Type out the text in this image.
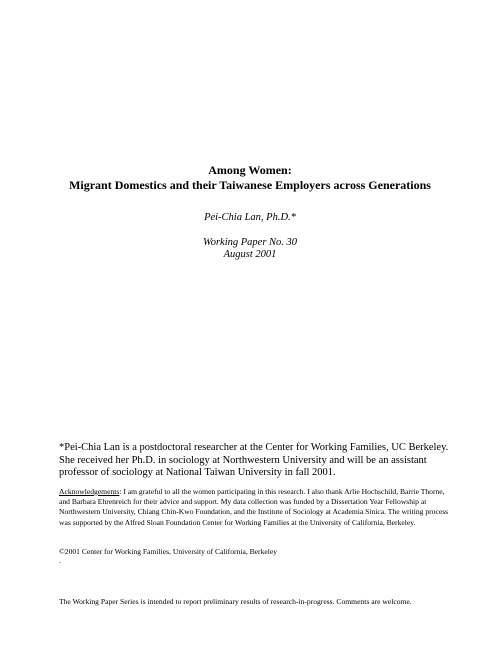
Among Women:
Migrant Domestics and their Taiwanese Employers across Generations
Pei-Chia Lan, Ph.D.*
Working Paper No. 30
August 2001
*Pei-Chia Lan is a postdoctoral researcher at the Center for Working Families, UC Berkeley. She received her Ph.D. in sociology at Northwestern University and will be an assistant professor of sociology at National Taiwan University in fall 2001.
Acknowledgements: I am grateful to all the women participating in this research. I also thank Arlie Hochschild, Barrie Thorne, and Barbara Ehrenreich for their advice and support. My data collection was funded by a Dissertation Year Fellowship at Northwestern University, Chiang Chin-Kwo Foundation, and the Institute of Sociology at Academia Sinica. The writing process was supported by the Alfred Sloan Foundation Center for Working Families at the University of California, Berkeley.
©2001 Center for Working Families, University of California, Berkeley
.
The Working Paper Series is intended to report preliminary results of research-in-progress. Comments are welcome.
